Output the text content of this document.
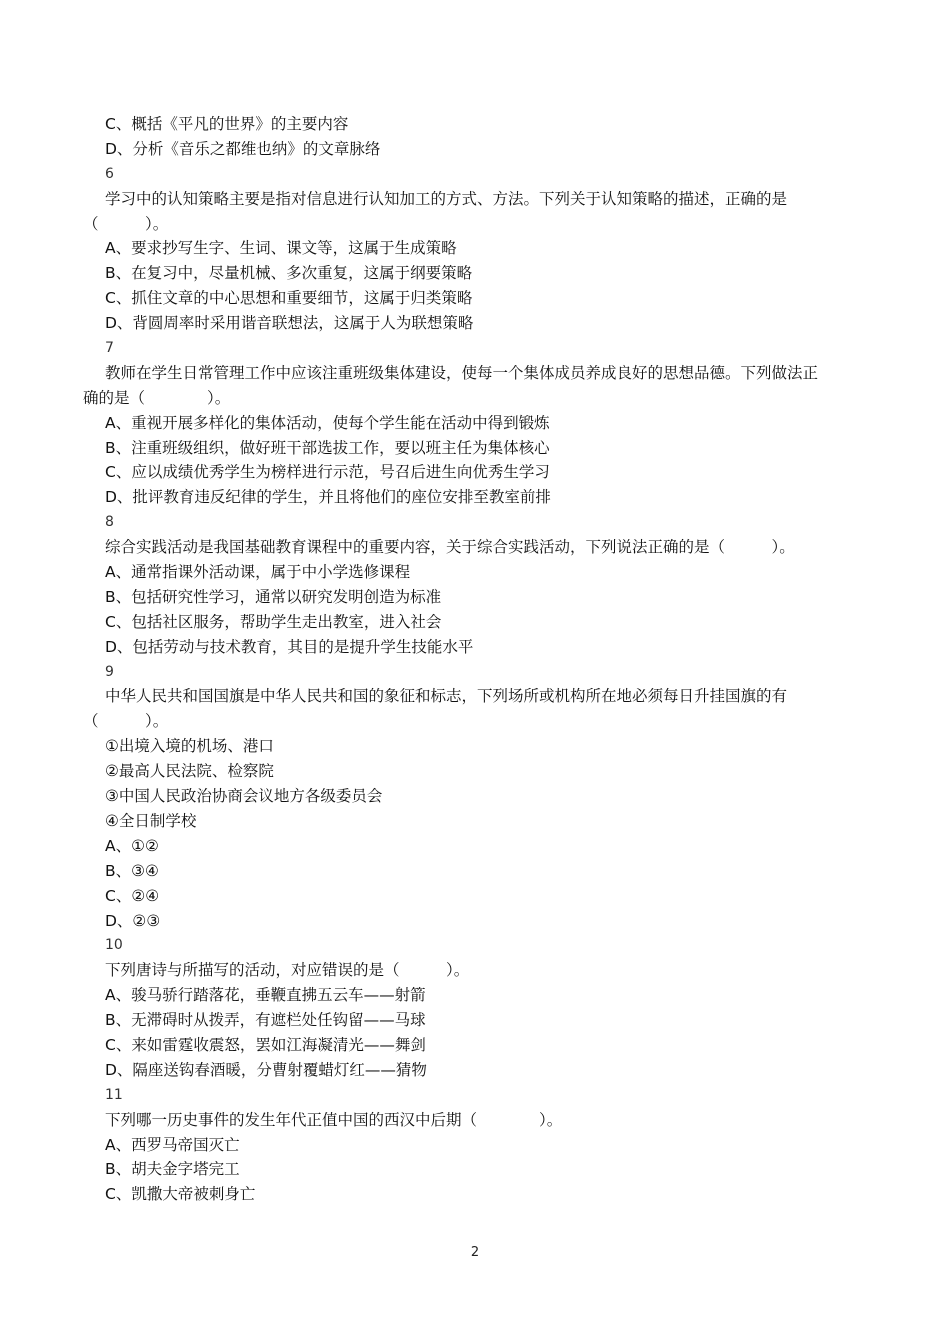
C、概括《平凡的世界》的主要内容
D、分析《音乐之都维也纳》的文章脉络
6
学习中的认知策略主要是指对信息进行认知加工的方式、方法。下列关于认知策略的描述，正确的是
（　　　）。
A、要求抄写生字、生词、课文等，这属于生成策略
B、在复习中，尽量机械、多次重复，这属于纲要策略
C、抓住文章的中心思想和重要细节，这属于归类策略
D、背圆周率时采用谐音联想法，这属于人为联想策略
7
教师在学生日常管理工作中应该注重班级集体建设，使每一个集体成员养成良好的思想品德。下列做法正
确的是（　　　　）。
A、重视开展多样化的集体活动，使每个学生能在活动中得到锻炼
B、注重班级组织，做好班干部选拔工作，要以班主任为集体核心
C、应以成绩优秀学生为榜样进行示范，号召后进生向优秀生学习
D、批评教育违反纪律的学生，并且将他们的座位安排至教室前排
8
综合实践活动是我国基础教育课程中的重要内容，关于综合实践活动，下列说法正确的是（　　　）。
A、通常指课外活动课，属于中小学选修课程
B、包括研究性学习，通常以研究发明创造为标准
C、包括社区服务，帮助学生走出教室，进入社会
D、包括劳动与技术教育，其目的是提升学生技能水平
9
中华人民共和国国旗是中华人民共和国的象征和标志，下列场所或机构所在地必须每日升挂国旗的有
（　　　）。
①出境入境的机场、港口
②最高人民法院、检察院
③中国人民政治协商会议地方各级委员会
④全日制学校
A、①②
B、③④
C、②④
D、②③
10
下列唐诗与所描写的活动，对应错误的是（　　　）。
A、骏马骄行踏落花，垂鞭直拂五云车——射箭
B、无滞碍时从拨弄，有遮栏处任钩留——马球
C、来如雷霆收震怒，罢如江海凝清光——舞剑
D、隔座送钩春酒暖，分曹射覆蜡灯红——猜物
11
下列哪一历史事件的发生年代正值中国的西汉中后期（　　　　）。
A、西罗马帝国灭亡
B、胡夫金字塔完工
C、凯撒大帝被刺身亡
2
